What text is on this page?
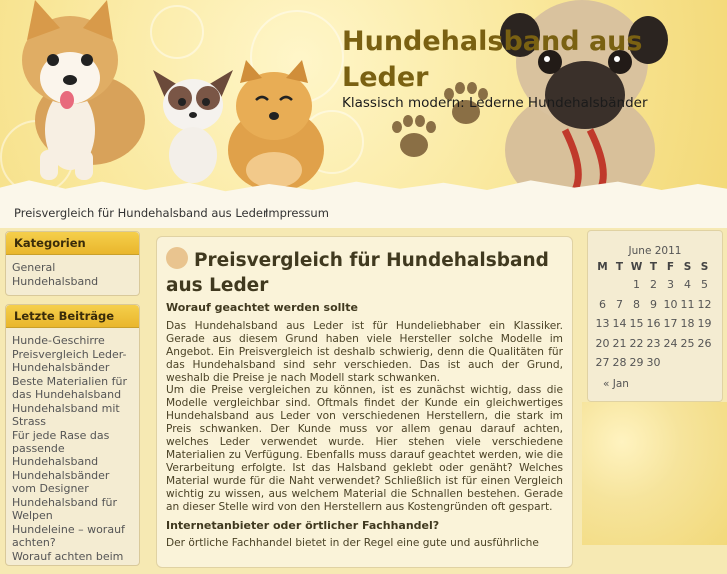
Hundehalsband aus Leder
Klassisch modern: Lederne Hundehalsbänder
Preisvergleich für Hundehalsband aus Leder
Impressum
Kategorien
General
Hundehalsband
Letzte Beiträge
Hunde-Geschirre
Preisvergleich Leder-Hundehalsbänder
Beste Materialien für das Hundehalsband
Hundehalsband mit Strass
Für jede Rase das passende Hundehalsband
Hundehalsbänder vom Designer
Hundehalsband für Welpen
Hundeleine – worauf achten?
Worauf achten beim
Preisvergleich für Hundehalsband aus Leder
Worauf geachtet werden sollte

Das Hundehalsband aus Leder ist für Hundeliebhaber ein Klassiker. Gerade aus diesem Grund haben viele Hersteller solche Modelle im Angebot. Ein Preisvergleich ist deshalb schwierig, denn die Qualitäten für das Hundehalsband sind sehr verschieden. Das ist auch der Grund, weshalb die Preise je nach Modell stark schwanken.

Um die Preise vergleichen zu können, ist es zunächst wichtig, dass die Modelle vergleichbar sind. Oftmals findet der Kunde ein gleichwertiges Hundehalsband aus Leder von verschiedenen Herstellern, die stark im Preis schwanken. Der Kunde muss vor allem genau darauf achten, welches Leder verwendet wurde. Hier stehen viele verschiedene Materialien zu Verfügung. Ebenfalls muss darauf geachtet werden, wie die Verarbeitung erfolgte. Ist das Halsband geklebt oder genäht? Welches Material wurde für die Naht verwendet? Schließlich ist für einen Vergleich wichtig zu wissen, aus welchem Material die Schnallen bestehen. Gerade an dieser Stelle wird von den Herstellern aus Kostengründen oft gespart.

Internetanbieter oder örtlicher Fachhandel?

Der örtliche Fachhandel bietet in der Regel eine gute und ausführliche

June 2011
M	T	W	T	F	S	S
		1	2	3	4	5
6	7	8	9	10	11	12
13	14	15	16	17	18	19
20	21	22	23	24	25	26
27	28	29	30			
« Jan
